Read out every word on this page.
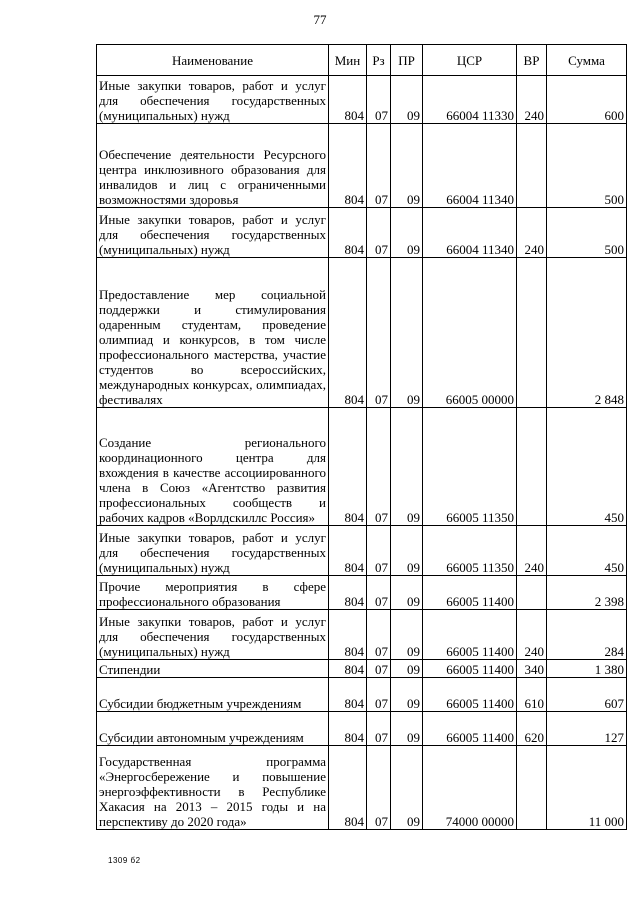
77
Наименование	Мин	Рз	ПР	ЦСР	ВР	Сумма
Иные закупки товаров, работ и услуг для обеспечения государственных (муниципальных) нужд	804	07	09	66004 11330	240	600
Обеспечение деятельности Ресурсного центра инклюзивного образования для инвалидов и лиц с ограниченными возможностями здоровья	804	07	09	66004 11340		500
Иные закупки товаров, работ и услуг для обеспечения государственных (муниципальных) нужд	804	07	09	66004 11340	240	500
Предоставление мер социальной поддержки и стимулирования одаренным студентам, проведение олимпиад и конкурсов, в том числе профессионального мастерства, участие студентов во всероссийских, международных конкурсах, олимпиадах, фестивалях	804	07	09	66005 00000		2 848
Создание регионального координационного центра для вхождения в качестве ассоциированного члена в Союз «Агентство развития профессиональных сообществ и рабочих кадров «Ворлдскиллс Россия»	804	07	09	66005 11350		450
Иные закупки товаров, работ и услуг для обеспечения государственных (муниципальных) нужд	804	07	09	66005 11350	240	450
Прочие мероприятия в сфере профессионального образования	804	07	09	66005 11400		2 398
Иные закупки товаров, работ и услуг для обеспечения государственных (муниципальных) нужд	804	07	09	66005 11400	240	284
Стипендии	804	07	09	66005 11400	340	1 380
Субсидии бюджетным учреждениям	804	07	09	66005 11400	610	607
Субсидии автономным учреждениям	804	07	09	66005 11400	620	127
Государственная программа «Энергосбережение и повышение энергоэффективности в Республике Хакасия на 2013 – 2015 годы и на перспективу до 2020 года»	804	07	09	74000 00000		11 000
1309 б2
